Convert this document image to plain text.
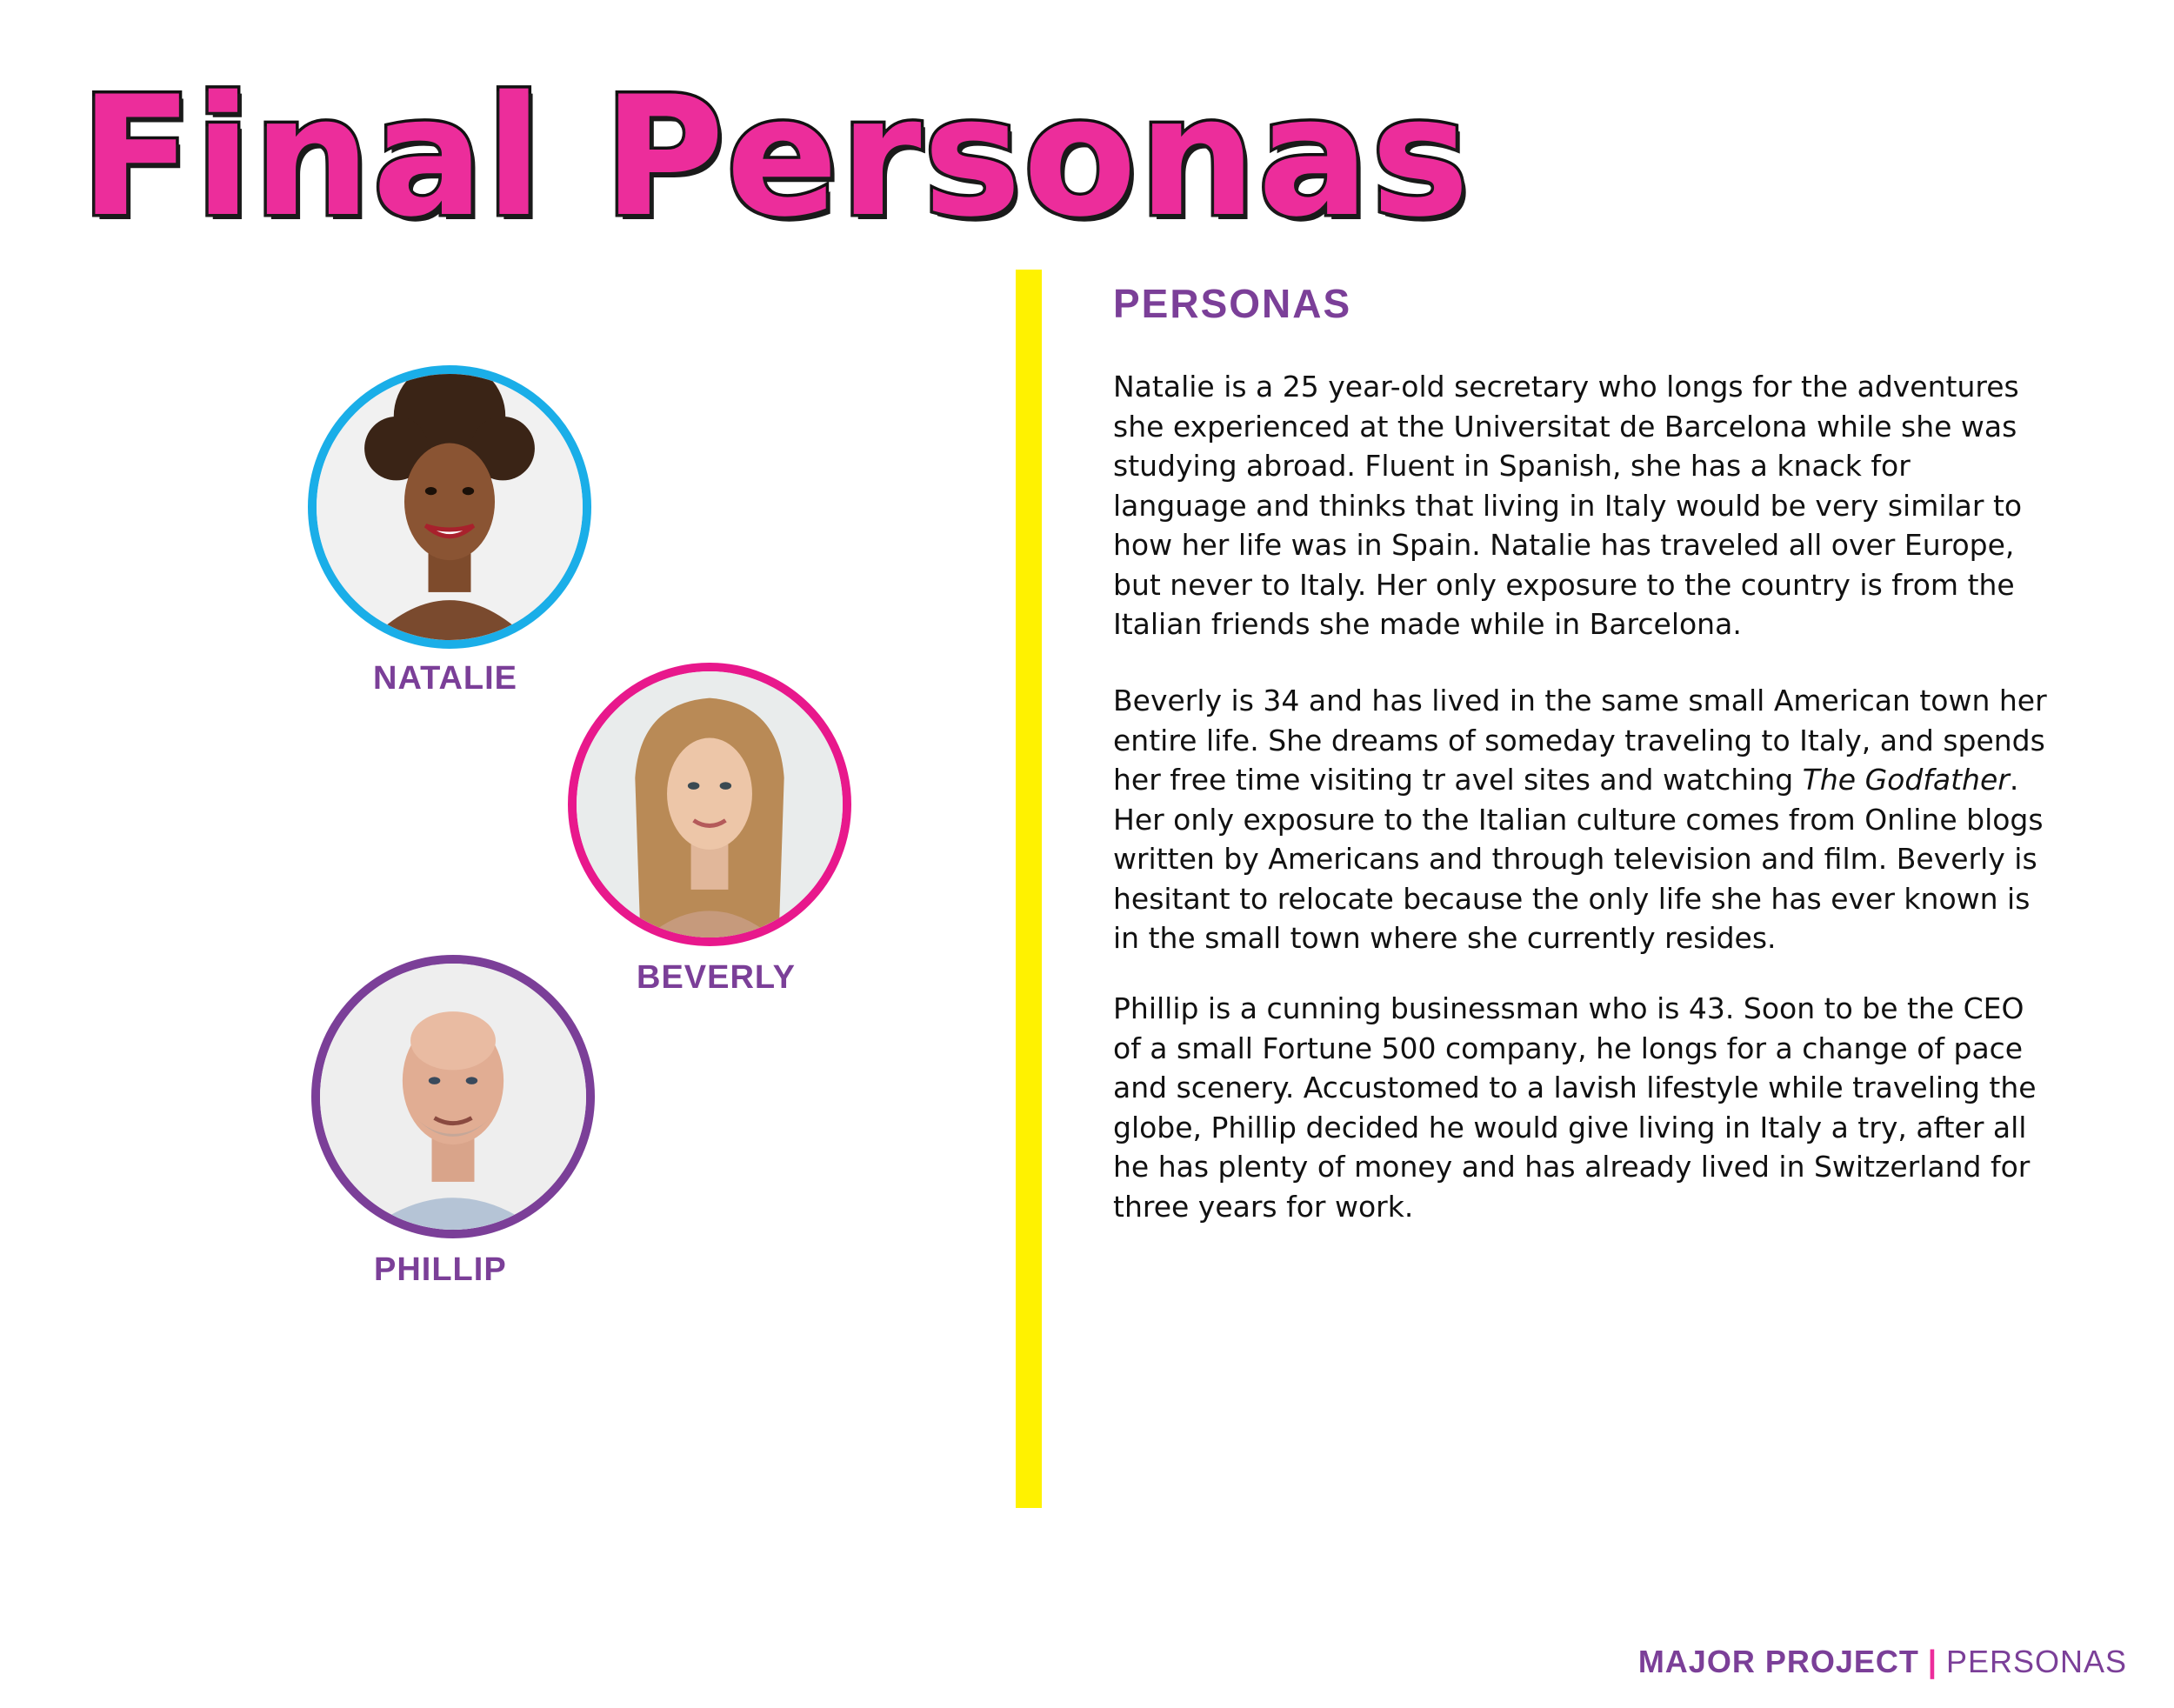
Final Personas
NATALIE
BEVERLY
PHILLIP
PERSONAS

Natalie is a 25 year-old secretary who longs for the adventures she experienced at the Universitat de Barcelona while she was studying abroad. Fluent in Spanish, she has a knack for language and thinks that living in Italy would be very similar to how her life was in Spain. Natalie has traveled all over Europe, but never to Italy. Her only exposure to the country is from the Italian friends she made while in Barcelona.

Beverly is 34 and has lived in the same small American town her entire life. She dreams of someday traveling to Italy, and spends her free time visiting tr avel sites and watching The Godfather. Her only exposure to the Italian culture comes from Online blogs written by Americans and through television and film. Beverly is hesitant to relocate because the only life she has ever known is in the small town where she currently resides.

Phillip is a cunning businessman who is 43. Soon to be the CEO of a small Fortune 500 company, he longs for a change of pace and scenery. Accustomed to a lavish lifestyle while traveling the globe, Phillip decided he would give living in Italy a try, after all he has plenty of money and has already lived in Switzerland for three years for work.

MAJOR PROJECT | PERSONAS
